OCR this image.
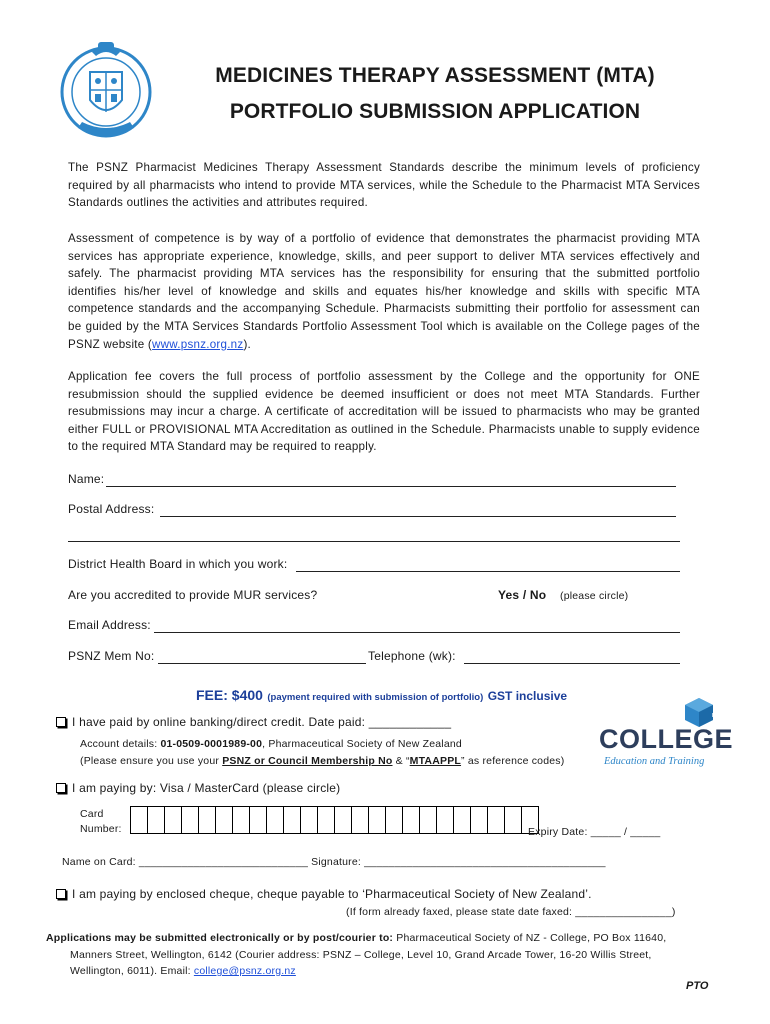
MEDICINES THERAPY ASSESSMENT (MTA)
PORTFOLIO SUBMISSION APPLICATION
The PSNZ Pharmacist Medicines Therapy Assessment Standards describe the minimum levels of proficiency required by all pharmacists who intend to provide MTA services, while the Schedule to the Pharmacist MTA Services Standards outlines the activities and attributes required.
Assessment of competence is by way of a portfolio of evidence that demonstrates the pharmacist providing MTA services has appropriate experience, knowledge, skills, and peer support to deliver MTA services effectively and safely. The pharmacist providing MTA services has the responsibility for ensuring that the submitted portfolio identifies his/her level of knowledge and skills and equates his/her knowledge and skills with specific MTA competence standards and the accompanying Schedule. Pharmacists submitting their portfolio for assessment can be guided by the MTA Services Standards Portfolio Assessment Tool which is available on the College pages of the PSNZ website (www.psnz.org.nz).
Application fee covers the full process of portfolio assessment by the College and the opportunity for ONE resubmission should the supplied evidence be deemed insufficient or does not meet MTA Standards. Further resubmissions may incur a charge. A certificate of accreditation will be issued to pharmacists who may be granted either FULL or PROVISIONAL MTA Accreditation as outlined in the Schedule. Pharmacists unable to supply evidence to the required MTA Standard may be required to reapply.
Name:
Postal Address:
District Health Board in which you work:
Are you accredited to provide MUR services?	Yes / No (please circle)
Email Address:
PSNZ Mem No:	Telephone (wk):
FEE: $400 (payment required with submission of portfolio) GST inclusive
PSNZ
COLLEGE
Education and Training
I have paid by online banking/direct credit. Date paid: ____________
Account details: 01-0509-0001989-00, Pharmaceutical Society of New Zealand
(Please ensure you use your PSNZ or Council Membership No & “MTAAPPL” as reference codes)
I am paying by: Visa / MasterCard (please circle)
Card
Number:	Expiry Date: _____ / _____
Name on Card: ____________________________ Signature: ________________________________________
I am paying by enclosed cheque, cheque payable to ‘Pharmaceutical Society of New Zealand’.
(If form already faxed, please state date faxed: ________________)
Applications may be submitted electronically or by post/courier to: Pharmaceutical Society of NZ - College, PO Box 11640,
Manners Street, Wellington, 6142 (Courier address: PSNZ – College, Level 10, Grand Arcade Tower, 16-20 Willis Street,
Wellington, 6011). Email: college@psnz.org.nz
PTO
